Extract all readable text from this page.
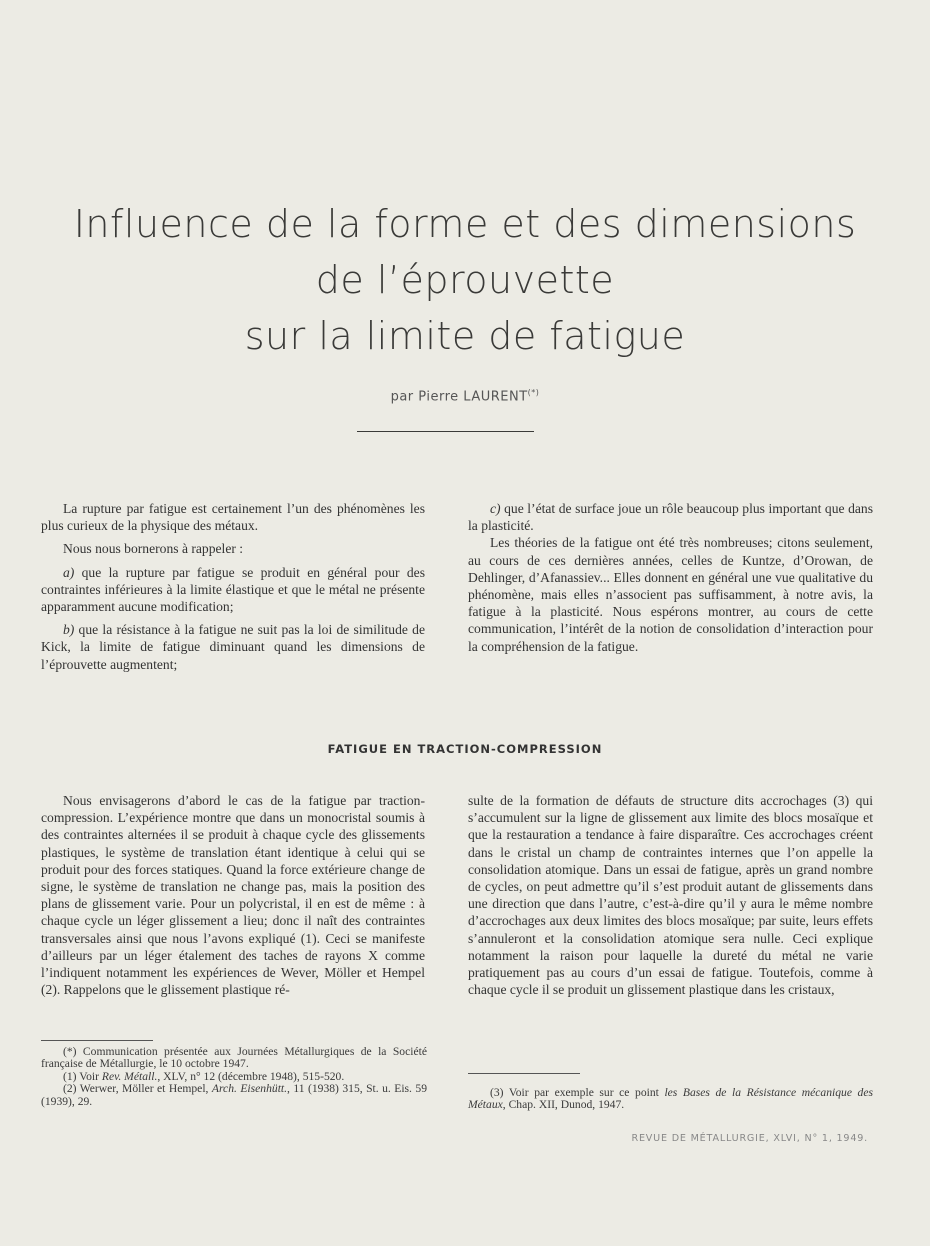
Influence de la forme et des dimensions
de l’éprouvette
sur la limite de fatigue
par Pierre LAURENT(*)

La rupture par fatigue est certainement l’un des phénomènes les plus curieux de la physique des métaux.

Nous nous bornerons à rappeler :

a) que la rupture par fatigue se produit en général pour des contraintes inférieures à la limite élastique et que le métal ne présente apparamment aucune modification;

b) que la résistance à la fatigue ne suit pas la loi de similitude de Kick, la limite de fatigue diminuant quand les dimensions de l’éprouvette augmentent;

c) que l’état de surface joue un rôle beaucoup plus important que dans la plasticité.

Les théories de la fatigue ont été très nombreuses; citons seulement, au cours de ces dernières années, celles de Kuntze, d’Orowan, de Dehlinger, d’Afanassiev... Elles donnent en général une vue qualitative du phénomène, mais elles n’associent pas suffisamment, à notre avis, la fatigue à la plasticité. Nous espérons montrer, au cours de cette communication, l’intérêt de la notion de consolidation d’interaction pour la compréhension de la fatigue.

FATIGUE EN TRACTION-COMPRESSION

Nous envisagerons d’abord le cas de la fatigue par traction-compression. L’expérience montre que dans un monocristal soumis à des contraintes alternées il se produit à chaque cycle des glissements plastiques, le système de translation étant identique à celui qui se produit pour des forces statiques. Quand la force extérieure change de signe, le système de translation ne change pas, mais la position des plans de glissement varie. Pour un polycristal, il en est de même : à chaque cycle un léger glissement a lieu; donc il naît des contraintes transversales ainsi que nous l’avons expliqué (1). Ceci se manifeste d’ailleurs par un léger étalement des taches de rayons X comme l’indiquent notamment les expériences de Wever, Möller et Hempel (2). Rappelons que le glissement plastique ré-

sulte de la formation de défauts de structure dits accrochages (3) qui s’accumulent sur la ligne de glissement aux limite des blocs mosaïque et que la restauration a tendance à faire disparaître. Ces accrochages créent dans le cristal un champ de contraintes internes que l’on appelle la consolidation atomique. Dans un essai de fatigue, après un grand nombre de cycles, on peut admettre qu’il s’est produit autant de glissements dans une direction que dans l’autre, c’est-à-dire qu’il y aura le même nombre d’accrochages aux deux limites des blocs mosaïque; par suite, leurs effets s’annuleront et la consolidation atomique sera nulle. Ceci explique notamment la raison pour laquelle la dureté du métal ne varie pratiquement pas au cours d’un essai de fatigue. Toutefois, comme à chaque cycle il se produit un glissement plastique dans les cristaux,

(*) Communication présentée aux Journées Métallurgiques de la Société française de Métallurgie, le 10 octobre 1947.

(1) Voir Rev. Métall., XLV, n° 12 (décembre 1948), 515-520.

(2) Werwer, Möller et Hempel, Arch. Eisenhütt., 11 (1938) 315, St. u. Eis. 59 (1939), 29.

(3) Voir par exemple sur ce point les Bases de la Résistance mécanique des Métaux, Chap. XII, Dunod, 1947.

REVUE DE MÉTALLURGIE, XLVI, N° 1, 1949.
